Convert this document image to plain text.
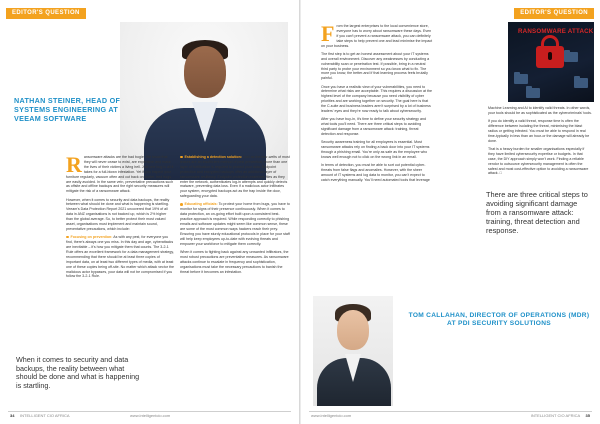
EDITOR'S QUESTION
NATHAN STEINER, HEAD OF SYSTEMS ENGINEERING AT VEEAM SOFTWARE

Ransomware attacks are the bad bogie. We know that they will never cease to exist, are expensive and make the lives of their victims a living hell. Just one bug is all it takes for a full-blown infestation. Yet if you inspect your furniture regularly, vacuum often and cut back on clutter, bed bugs are easily avoided. In the same vein, preventative precautions such as offsite and offline backups and the right security measures will mitigate the risk of a ransomware attack.

However, when it comes to security and data backups, the reality between what should be done and what is happening is startling. Veeam's Data Protection Report 2021 uncovered that 19% of all data in ANZ organisations is not backed up, which is 2% higher than the global average. So, to better protect their most valued asset, organisations must implement and maintain sound, preventative precautions, which include:

Focusing on prevention: As with any pest, for everyone you find, there's always one you miss. In this day and age, cyberattacks are inevitable – it's how you mitigate them that counts. The 3-2-1 Rule offers an excellent framework for a data management strategy, recommending that there should be at least three copies of important data, on at least two different types of media, with at least one of these copies being off-site. No matter which attack vector the malicious actor bypasses, your data will not be compromised if you follow the 3-2-1 Rule.

Establishing a detection solution: Just as the tear-welts of most leases are an insufficient method of pest prevention, more than one layer of fortification is required to protect your data. Endpoint protection and encrypted backups offer an additional layer of ransomware resiliency. Endpoint protection examines files as they enter the network, authenticates log-in attempts and quickly detects malware, preventing data loss. Even if a malicious actor infiltrates your system, encrypted backups act as the trap inside the door, safeguarding your data.

Educating officials: To protect your home from bugs, you have to monitor for signs of their presence continuously. When it comes to data protection, an on-going effort built upon a consistent best-practice approach is required. While responding correctly to phishing emails and software updates might seem like common sense, these are some of the most common ways hackers reach their prey. Ensuring you have sturdy educational protocols in place for your staff will help keep employees up-to-date with evolving threats and empower your workforce to mitigate them correctly.

When it comes to fighting back against any unwanted infiltrators, the most robust precautions are preventative measures. As ransomware attacks continue to escalate in frequency and sophistication, organisations must take the necessary precautions to banish the threat before it becomes an infestation.

When it comes to security and data backups, the reality between what should be done and what is happening is startling.
34 INTELLIGENT CIO AFRICA	www.intelligentcio.com
EDITOR'S QUESTION
RANSOMWARE ATTACK

From the largest enterprises to the local convenience store, everyone has to worry about ransomware these days. Even if you can't prevent a ransomware attack, you can definitely take steps to help prevent one and lead minimise the impact on your business.

The first step is to get an honest assessment about your IT systems and overall environment. Discover any weaknesses by conducting a vulnerability scan or penetration test. If possible, bring in a neutral third party to probe your environment so you know what to fix. The more you know, the better-and if that learning process feels brutally painful.

Once you have a realistic view of your vulnerabilities, you need to determine what risks are acceptable. This requires a discussion at the highest level of the company because you need visibility of cyber priorities and are working together on security. The goal here is that the C-suite and business leaders aren't surprised by a lot of business leaders' eyes and they're now ready to talk about cybersecurity.

After you have buy-in, it's time to define your security strategy and what tools you'll need. There are three critical steps to avoiding significant damage from a ransomware attack: training, threat detection and response.

Security awareness training for all employees is essential. Most ransomware attacks rely on finding a back door into your IT systems through a phishing email. You're only as safe as the employee who knows well enough not to click on the wrong link in an email.

In terms of detection, you must be able to sort out potential cyber-threats from false flags and anomalies. However, with the sheer amount of IT systems and log data to monitor, you can't expect to catch everything manually. You'll need automated tools that leverage

Machine Learning and AI to identify valid threats. In other words, your tools should be as sophisticated as the cybercriminals' tools.

If you do identify a valid threat, response time is often the difference between isolating the threat, minimising the blast radius or getting infected. You must be able to respond in real time-typically in less than an hour-or the damage will already be done.

That is a heavy burden for smaller organisations especially if they have limited cybersecurity expertise or budgets. In that case, the DIY approach simply won't work. Finding a reliable vendor to outsource cybersecurity management is often the safest and most cost-effective option to avoiding a ransomware attack. □

There are three critical steps to avoiding significant damage from a ransomware attack: training, threat detection and response.
TOM CALLAHAN, DIRECTOR OF OPERATIONS (MDR) AT PDI SECURITY SOLUTIONS
www.intelligentcio.com	INTELLIGENT CIO AFRICA 35
